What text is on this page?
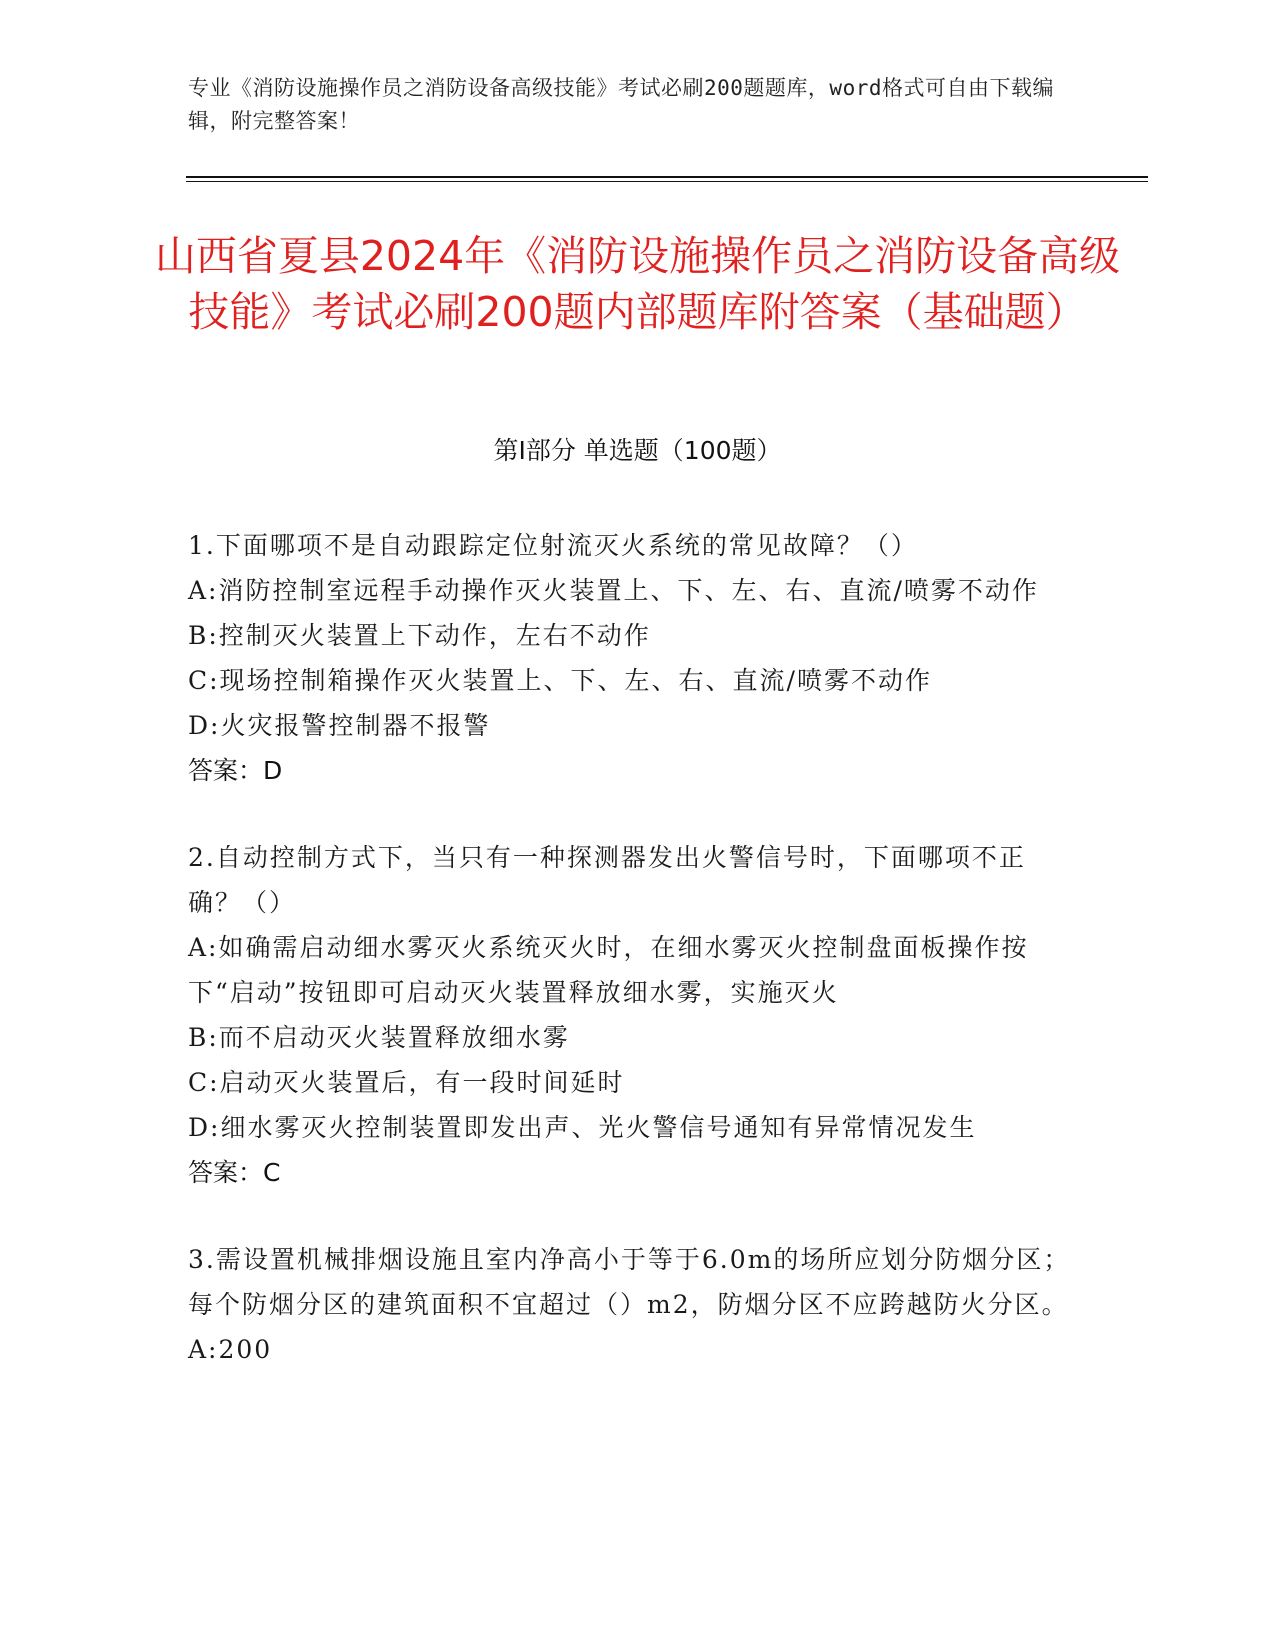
专业《消防设施操作员之消防设备高级技能》考试必刷200题题库，word格式可自由下载编辑，附完整答案！
山西省夏县2024年《消防设施操作员之消防设备高级技能》考试必刷200题内部题库附答案（基础题）
第Ⅰ部分 单选题（100题）
1.下面哪项不是自动跟踪定位射流灭火系统的常见故障？（）
A:消防控制室远程手动操作灭火装置上、下、左、右、直流/喷雾不动作
B:控制灭火装置上下动作，左右不动作
C:现场控制箱操作灭火装置上、下、左、右、直流/喷雾不动作
D:火灾报警控制器不报警
答案：D
2.自动控制方式下，当只有一种探测器发出火警信号时，下面哪项不正确？（）
A:如确需启动细水雾灭火系统灭火时，在细水雾灭火控制盘面板操作按下“启动”按钮即可启动灭火装置释放细水雾，实施灭火
B:而不启动灭火装置释放细水雾
C:启动灭火装置后，有一段时间延时
D:细水雾灭火控制装置即发出声、光火警信号通知有异常情况发生
答案：C
3.需设置机械排烟设施且室内净高小于等于6.0m的场所应划分防烟分区；每个防烟分区的建筑面积不宜超过（）m2，防烟分区不应跨越防火分区。
A:200
